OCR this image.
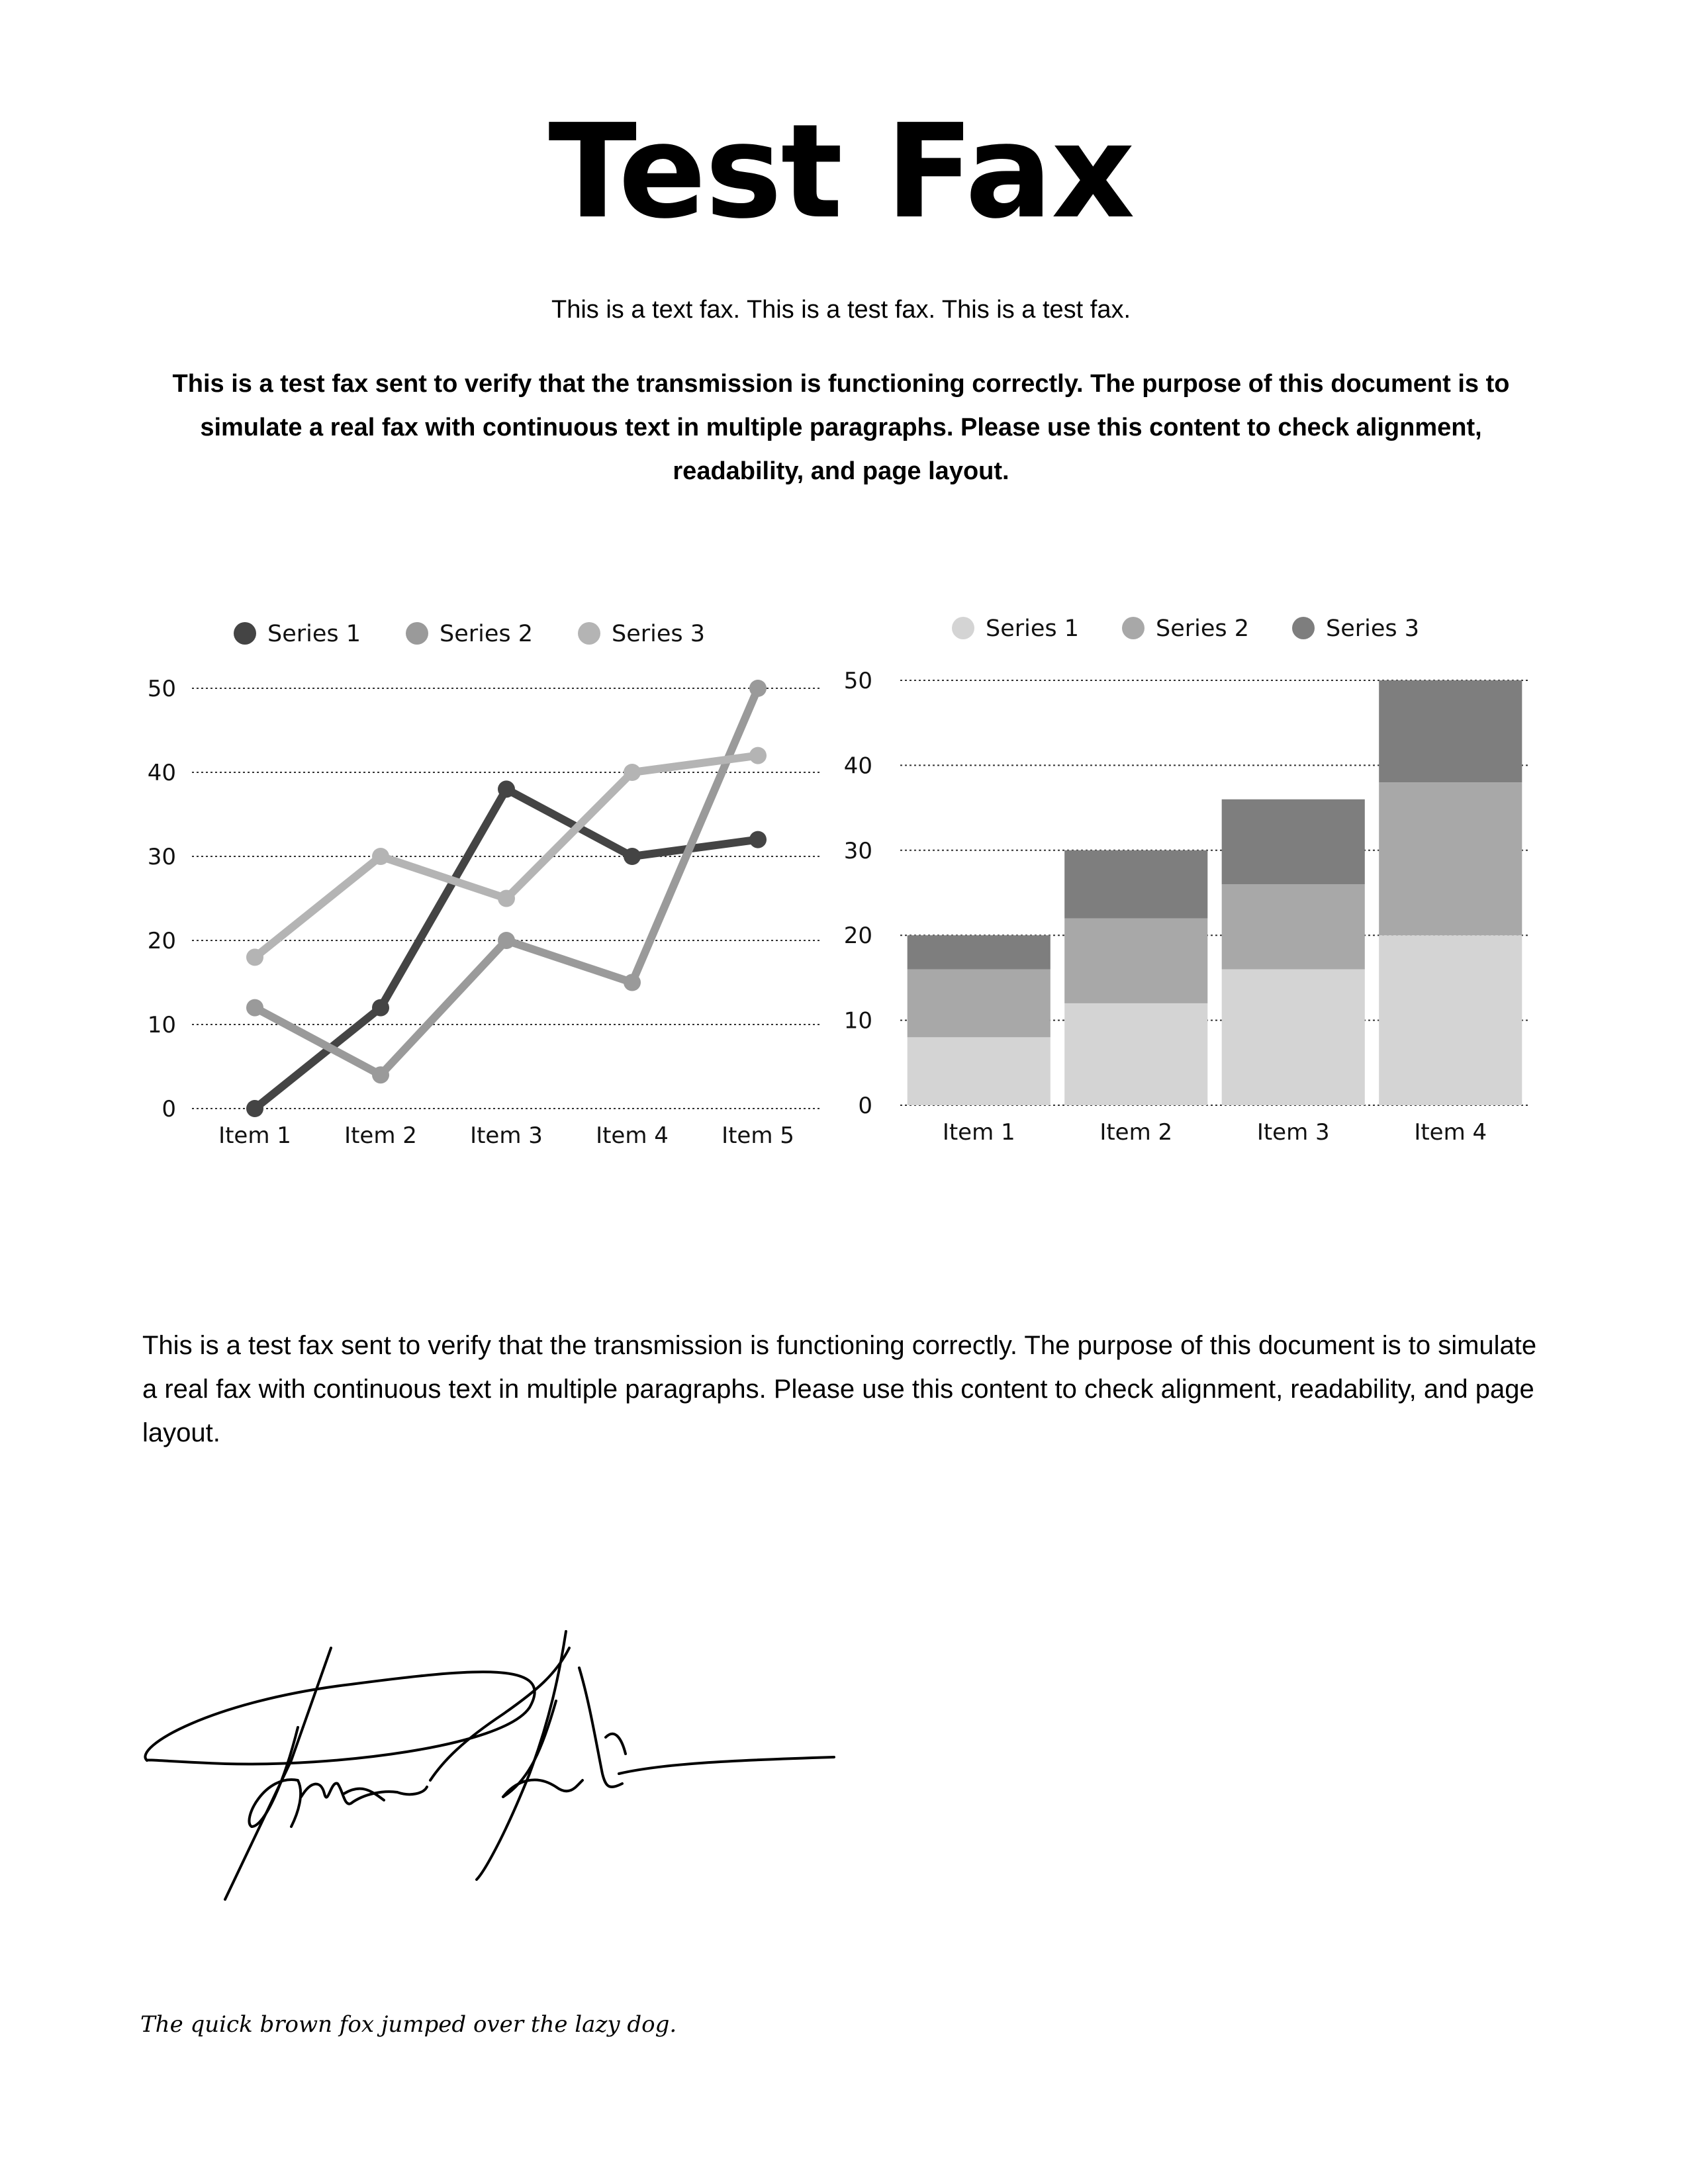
Test Fax

This is a text fax. This is a test fax. This is a test fax.

This is a test fax sent to verify that the transmission is functioning correctly. The purpose of this document is to simulate a real fax with continuous text in multiple paragraphs. Please use this content to check alignment, readability, and page layout.

Series 1	Series 2	Series 3
0
10
20
30
40
50
Item 1 Item 2 Item 3 Item 4 Item 5
Series 1	Series 2	Series 3
0
10
20
30
40
50
Item 1	Item 2	Item 3	Item 4

This is a test fax sent to verify that the transmission is functioning correctly. The purpose of this document is to simulate a real fax with continuous text in multiple paragraphs. Please use this content to check alignment, readability, and page layout.

The quick brown fox jumped over the lazy dog.
